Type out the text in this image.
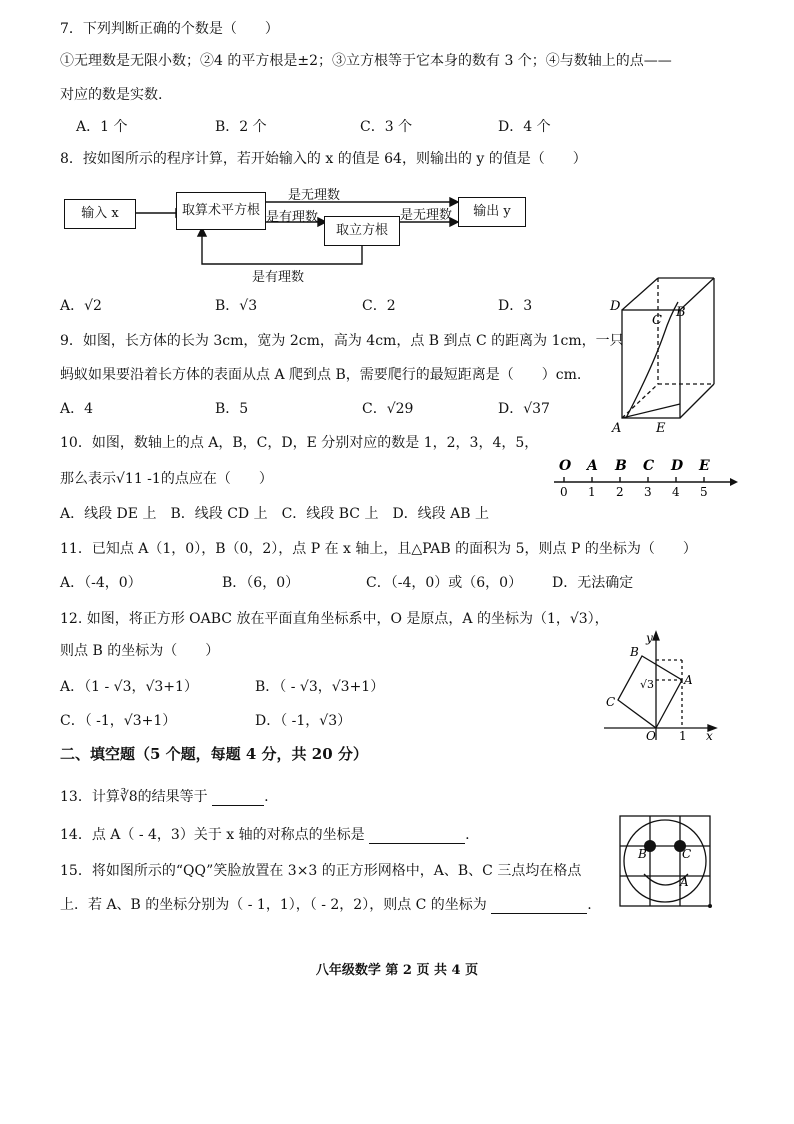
7．下列判断正确的个数是（　　）
①无理数是无限小数；②4 的平方根是±2；③立方根等于它本身的数有 3 个；④与数轴上的点——
对应的数是实数.
A．1 个	B．2 个	C．3 个	D．4 个
8．按如图所示的程序计算，若开始输入的 x 的值是 64，则输出的 y 的值是（　　）
输入 x	取算术平方根
取立方根
输出 y
是无理数
是有理数	是无理数
是有理数
A．√2	B．√3	C．2	D．3
9．如图，长方体的长为 3cm，宽为 2cm，高为 4cm，点 B 到点 C 的距离为 1cm，一只
蚂蚁如果要沿着长方体的表面从点 A 爬到点 B，需要爬行的最短距离是（　　）cm.
A．4	B．5	C．√29	D．√37
D
C
B
A	E
10．如图，数轴上的点 A，B，C，D，E 分别对应的数是 1，2，3，4，5，
那么表示√11 -1的点应在（　　）
A．线段 DE 上　B．线段 CD 上　C．线段 BC 上　D．线段 AB 上
O
0
A
1
B
2
C
3
D
4
E
5
11．已知点 A（1，0），B（0，2），点 P 在 x 轴上，且△PAB 的面积为 5，则点 P 的坐标为（　　）
A．（-4，0）	B．（6，0）	C．（-4，0）或（6，0） D．无法确定
12. 如图，将正方形 OABC 放在平面直角坐标系中，O 是原点，A 的坐标为（1，√3），
则点 B 的坐标为（　　）
A．（1 - √3，√3+1）	B．（ - √3，√3+1）
C．（ -1，√3+1）	D．（ -1，√3）
y
B
√3 A
C
O 1 x
二、填空题（5 个题，每题 4 分，共 20 分）
13．计算∛8的结果等于	.
14．点 A（ - 4，3）关于 x 轴的对称点的坐标是	.
15．将如图所示的“QQ”笑脸放置在 3×3 的正方形网格中，A、B、C 三点均在格点
上．若 A、B 的坐标分别为（ - 1，1），（ - 2，2），则点 C 的坐标为	.
B	C
A
八年级数学 第 2 页 共 4 页
